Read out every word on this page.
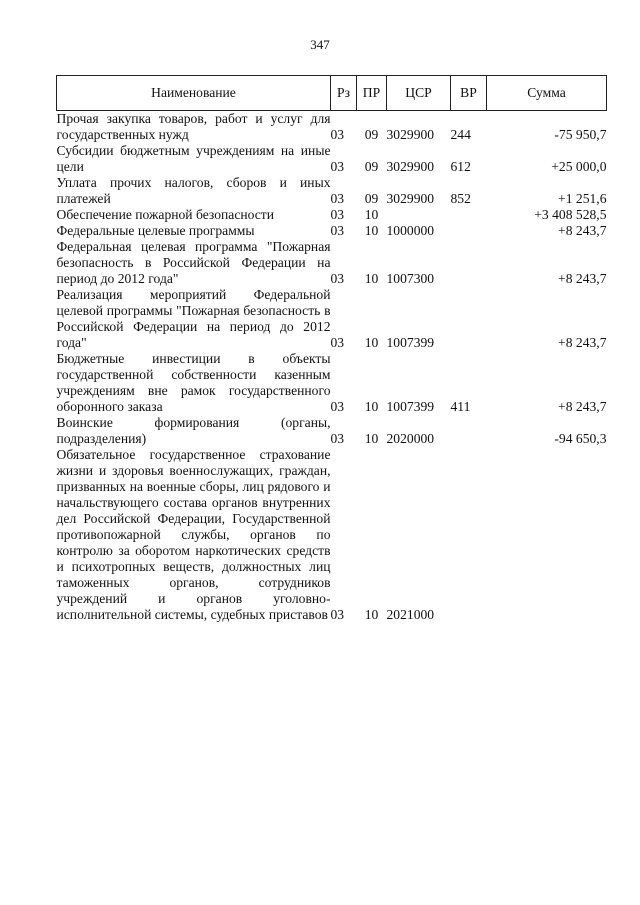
347
Наименование	Рз	ПР	ЦСР	ВР	Сумма
Прочая закупка товаров, работ и услуг для государственных нужд	03	09	3029900	244	-75 950,7
Субсидии бюджетным учреждениям на иные цели	03	09	3029900	612	+25 000,0
Уплата прочих налогов, сборов и иных платежей	03	09	3029900	852	+1 251,6
Обеспечение пожарной безопасности	03	10			+3 408 528,5
Федеральные целевые программы	03	10	1000000		+8 243,7
Федеральная целевая программа "Пожарная безопасность в Российской Федерации на период до 2012 года"	03	10	1007300		+8 243,7
Реализация мероприятий Федеральной целевой программы "Пожарная безопасность в Российской Федерации на период до 2012 года"	03	10	1007399		+8 243,7
Бюджетные инвестиции в объекты государственной собственности казенным учреждениям вне рамок государственного оборонного заказа	03	10	1007399	411	+8 243,7
Воинские формирования (органы, подразделения)	03	10	2020000		-94 650,3
Обязательное государственное страхование жизни и здоровья военнослужащих, граждан, призванных на военные сборы, лиц рядового и начальствующего состава органов внутренних дел Российской Федерации, Государственной противопожарной службы, органов по контролю за оборотом наркотических средств и психотропных веществ, должностных лиц таможенных органов, сотрудников учреждений и органов уголовно-исполнительной системы, судебных приставов	03	10	2021000		
